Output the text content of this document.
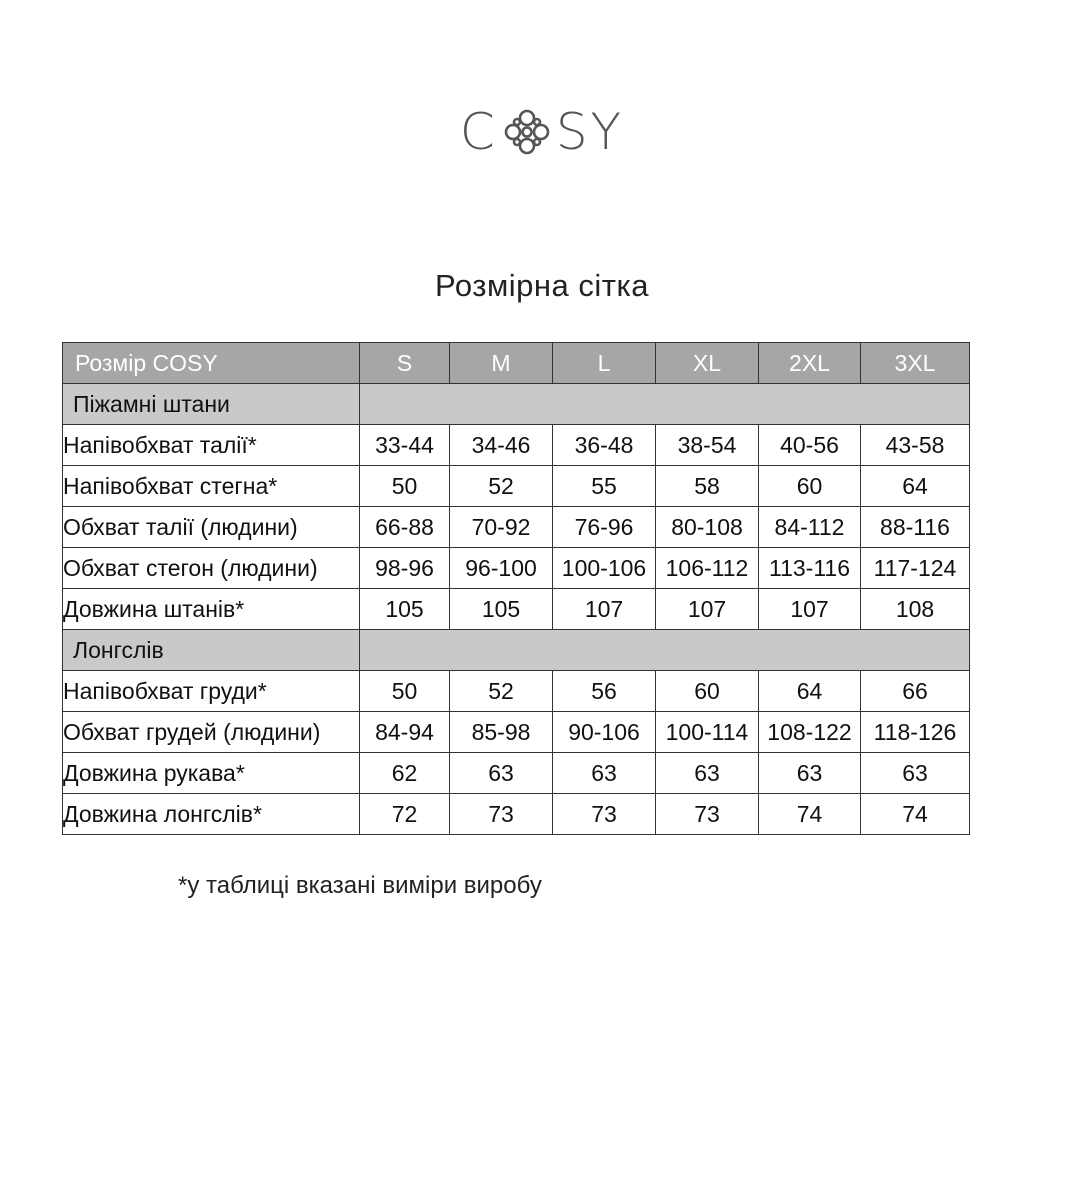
C SY
Розмірна сітка
Розмір COSY	S	M	L	XL	2XL	3XL
Піжамні штани						
Напівобхват талії*	33-44	34-46	36-48	38-54	40-56	43-58
Напівобхват стегна*	50	52	55	58	60	64
Обхват талії (людини)	66-88	70-92	76-96	80-108	84-112	88-116
Обхват стегон (людини)	98-96	96-100	100-106	106-112	113-116	117-124
Довжина штанів*	105	105	107	107	107	108
Лонгслів						
Напівобхват груди*	50	52	56	60	64	66
Обхват грудей (людини)	84-94	85-98	90-106	100-114	108-122	118-126
Довжина рукава*	62	63	63	63	63	63
Довжина лонгслів*	72	73	73	73	74	74
*у таблиці вказані виміри виробу
